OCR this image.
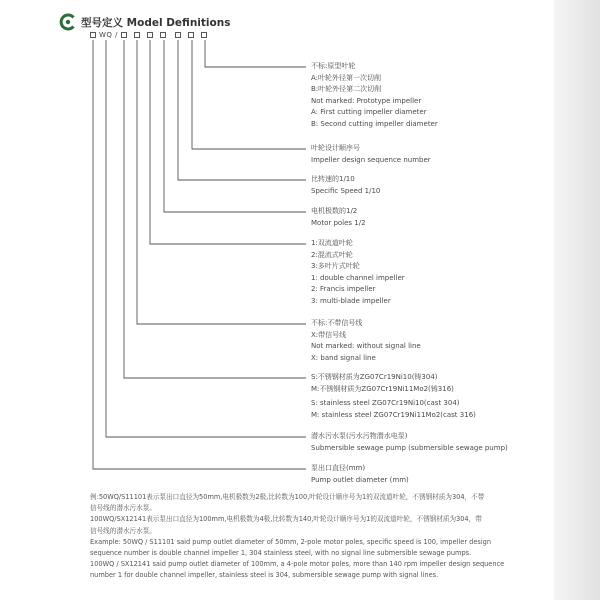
型号定义 Model Definitions
WQ /
不标:原型叶轮
A:叶轮外径第一次切削
B:叶轮外径第二次切削
Not marked: Prototype impeller
A: First cutting impeller diameter
B: Second cutting impeller diameter
叶轮设计顺序号
Impeller design sequence number
比转速的1/10
Specific Speed 1/10
电机极数的1/2
Motor poles 1/2
1:双流道叶轮
2:混流式叶轮
3:多叶片式叶轮
1: double channel impeller
2: Francis impeller
3: multi-blade impeller
不标:不带信号线
X:带信号线
Not marked: without signal line
X: band signal line
S:不锈钢材质为ZG07Cr19Ni10(铸304)
M:不锈钢材质为ZG07Cr19Ni11Mo2(铸316)
S: stainless steel ZG07Cr19Ni10(cast 304)
M: stainless steel ZG07Cr19Ni11Mo2(cast 316)
潜水污水泵(污水污物潜水电泵)
Submersible sewage pump (submersible sewage pump)
泵出口直径(mm)
Pump outlet diameter (mm)
例:50WQ/S11101表示泵出口直径为50mm,电机极数为2极,比转数为100,叶轮设计顺序号为1的双流道叶轮，不锈钢材质为304，不带
信号线的潜水污水泵。
100WQ/SX12141表示泵出口直径为100mm,电机极数为4极,比转数为140,叶轮设计顺序号为1的双流道叶轮，不锈钢材质为304，带
信号线的潜水污水泵。
Example: 50WQ / S11101 said pump outlet diameter of 50mm, 2-pole motor poles, specific speed is 100, impeller design
sequence number is double channel impeller 1, 304 stainless steel, with no signal line submersible sewage pumps.
100WQ / SX12141 said pump outlet diameter of 100mm, a 4-pole motor poles, more than 140 rpm impeller design sequence
number 1 for double channel impeller, stainless steel is 304, submersible sewage pump with signal lines.
